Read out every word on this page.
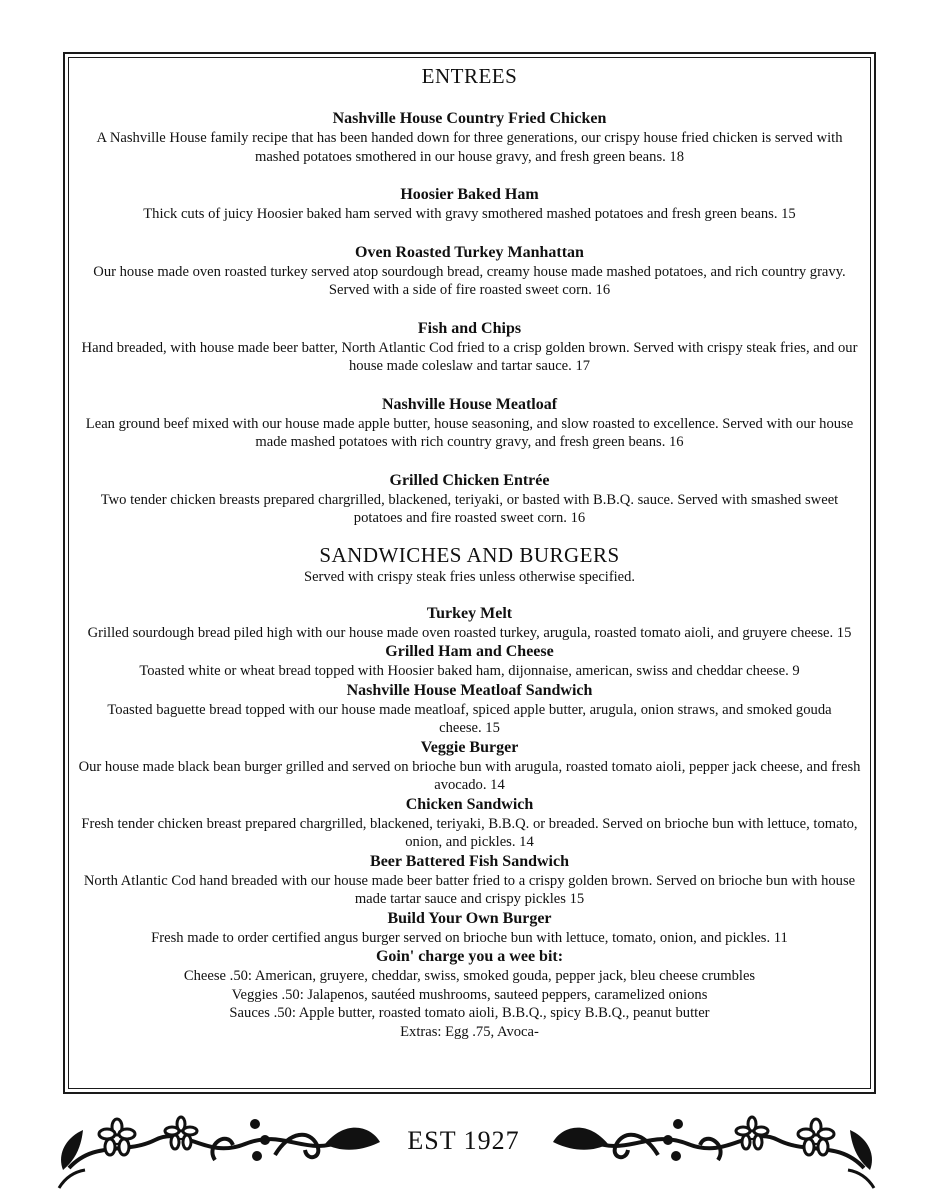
ENTREES

Nashville House Country Fried Chicken

A Nashville House family recipe that has been handed down for three generations, our crispy house fried chicken is served with mashed potatoes smothered in our house gravy, and fresh green beans. 18

Hoosier Baked Ham

Thick cuts of juicy Hoosier baked ham served with gravy smothered mashed potatoes and fresh green beans. 15

Oven Roasted Turkey Manhattan

Our house made oven roasted turkey served atop sourdough bread, creamy house made mashed potatoes, and rich country gravy. Served with a side of fire roasted sweet corn. 16

Fish and Chips

Hand breaded, with house made beer batter, North Atlantic Cod fried to a crisp golden brown. Served with crispy steak fries, and our house made coleslaw and tartar sauce. 17

Nashville House Meatloaf

Lean ground beef mixed with our house made apple butter, house seasoning, and slow roasted to excellence. Served with our house made mashed potatoes with rich country gravy, and fresh green beans. 16

Grilled Chicken Entrée

Two tender chicken breasts prepared chargrilled, blackened, teriyaki, or basted with B.B.Q. sauce. Served with smashed sweet potatoes and fire roasted sweet corn. 16

SANDWICHES AND BURGERS

Served with crispy steak fries unless otherwise specified.

Turkey Melt

Grilled sourdough bread piled high with our house made oven roasted turkey, arugula, roasted tomato aioli, and gruyere cheese. 15

Grilled Ham and Cheese

Toasted white or wheat bread topped with Hoosier baked ham, dijonnaise, american, swiss and cheddar cheese. 9

Nashville House Meatloaf Sandwich

Toasted baguette bread topped with our house made meatloaf, spiced apple butter, arugula, onion straws, and smoked gouda cheese. 15

Veggie Burger

Our house made black bean burger grilled and served on brioche bun with arugula, roasted tomato aioli, pepper jack cheese, and fresh avocado. 14

Chicken Sandwich

Fresh tender chicken breast prepared chargrilled, blackened, teriyaki, B.B.Q. or breaded. Served on brioche bun with lettuce, tomato, onion, and pickles. 14

Beer Battered Fish Sandwich

North Atlantic Cod hand breaded with our house made beer batter fried to a crispy golden brown. Served on brioche bun with house made tartar sauce and crispy pickles 15

Build Your Own Burger

Fresh made to order certified angus burger served on brioche bun with lettuce, tomato, onion, and pickles. 11

Goin' charge you a wee bit:

Cheese .50: American, gruyere, cheddar, swiss, smoked gouda, pepper jack, bleu cheese crumbles

Veggies .50: Jalapenos, sautéed mushrooms, sauteed peppers, caramelized onions

Sauces .50: Apple butter, roasted tomato aioli, B.B.Q., spicy B.B.Q., peanut butter

Extras: Egg .75, Avoca-

EST 1927
